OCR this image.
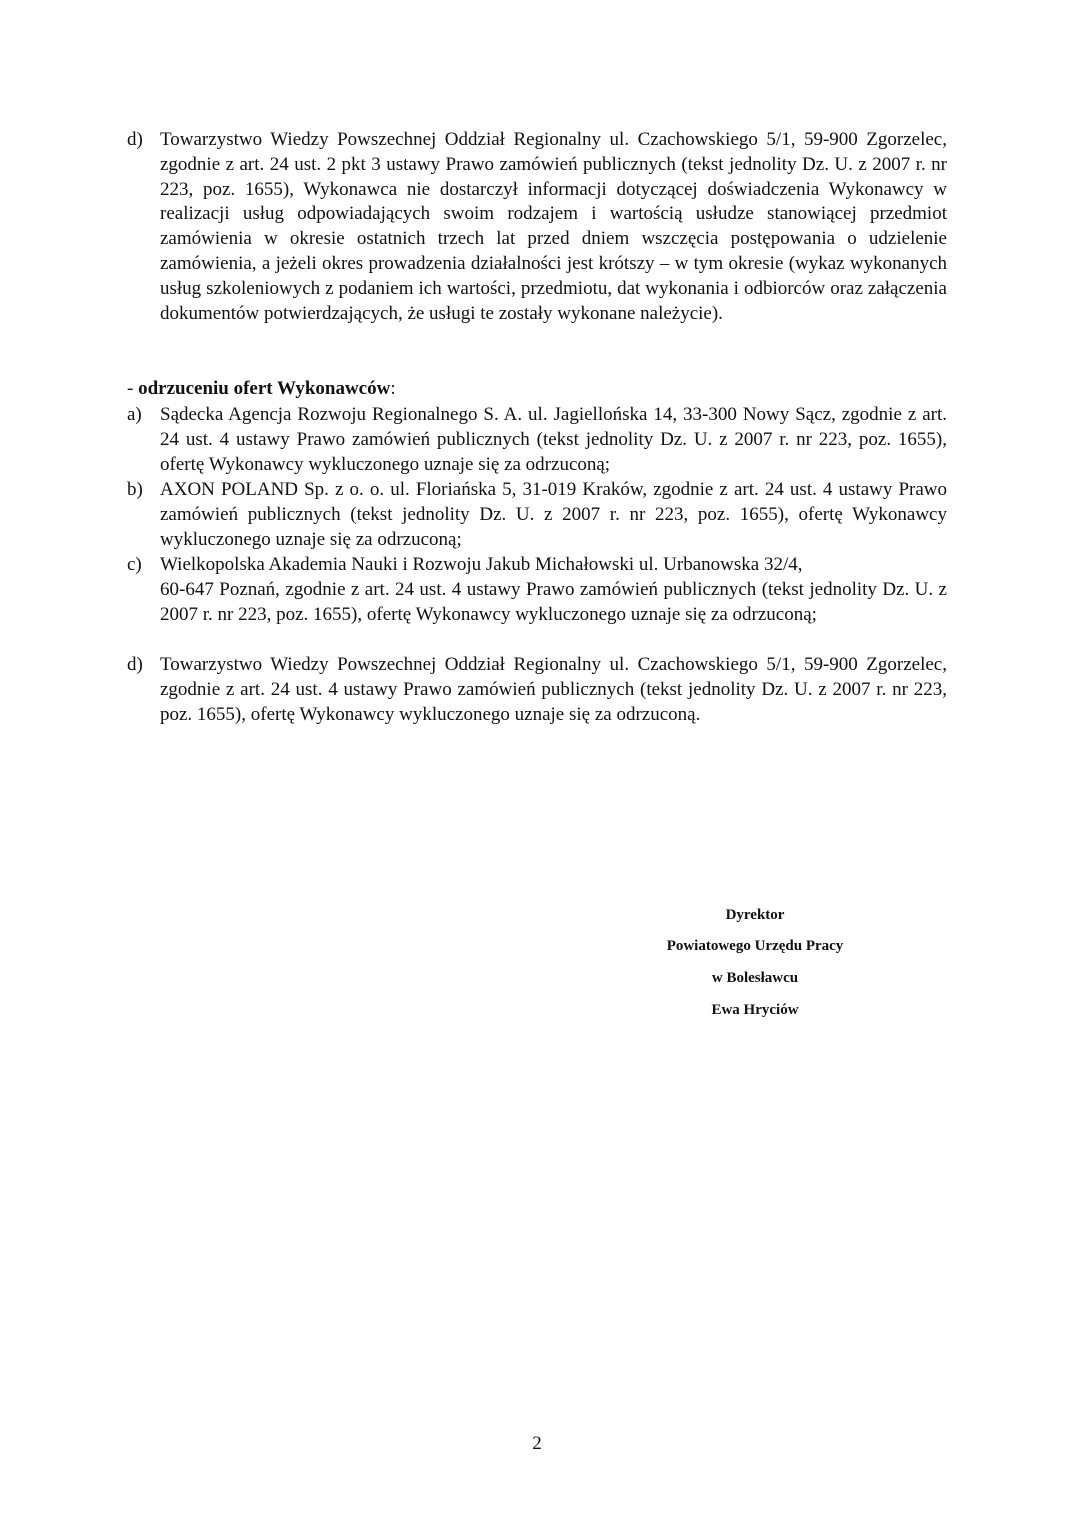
d) Towarzystwo Wiedzy Powszechnej Oddział Regionalny ul. Czachowskiego 5/1, 59-900 Zgorzelec, zgodnie z art. 24 ust. 2 pkt 3 ustawy Prawo zamówień publicznych (tekst jednolity Dz. U. z 2007 r. nr 223, poz. 1655), Wykonawca nie dostarczył informacji dotyczącej doświadczenia Wykonawcy w realizacji usług odpowiadających swoim rodzajem i wartością usłudze stanowiącej przedmiot zamówienia w okresie ostatnich trzech lat przed dniem wszczęcia postępowania o udzielenie zamówienia, a jeżeli okres prowadzenia działalności jest krótszy – w tym okresie (wykaz wykonanych usług szkoleniowych z podaniem ich wartości, przedmiotu, dat wykonania i odbiorców oraz załączenia dokumentów potwierdzających, że usługi te zostały wykonane należycie).
- odrzuceniu ofert Wykonawców:
a) Sądecka Agencja Rozwoju Regionalnego S. A. ul. Jagiellońska 14, 33-300 Nowy Sącz, zgodnie z art. 24 ust. 4 ustawy Prawo zamówień publicznych (tekst jednolity Dz. U. z 2007 r. nr 223, poz. 1655), ofertę Wykonawcy wykluczonego uznaje się za odrzuconą;
b) AXON POLAND Sp. z o. o. ul. Floriańska 5, 31-019 Kraków, zgodnie z art. 24 ust. 4 ustawy Prawo zamówień publicznych (tekst jednolity Dz. U. z 2007 r. nr 223, poz. 1655), ofertę Wykonawcy wykluczonego uznaje się za odrzuconą;
c) Wielkopolska Akademia Nauki i Rozwoju Jakub Michałowski ul. Urbanowska 32/4,
60-647 Poznań, zgodnie z art. 24 ust. 4 ustawy Prawo zamówień publicznych (tekst jednolity Dz. U. z 2007 r. nr 223, poz. 1655), ofertę Wykonawcy wykluczonego uznaje się za odrzuconą;
d) Towarzystwo Wiedzy Powszechnej Oddział Regionalny ul. Czachowskiego 5/1, 59-900 Zgorzelec, zgodnie z art. 24 ust. 4 ustawy Prawo zamówień publicznych (tekst jednolity Dz. U. z 2007 r. nr 223, poz. 1655), ofertę Wykonawcy wykluczonego uznaje się za odrzuconą.
Dyrektor
Powiatowego Urzędu Pracy
w Bolesławcu
Ewa Hryciów
2
